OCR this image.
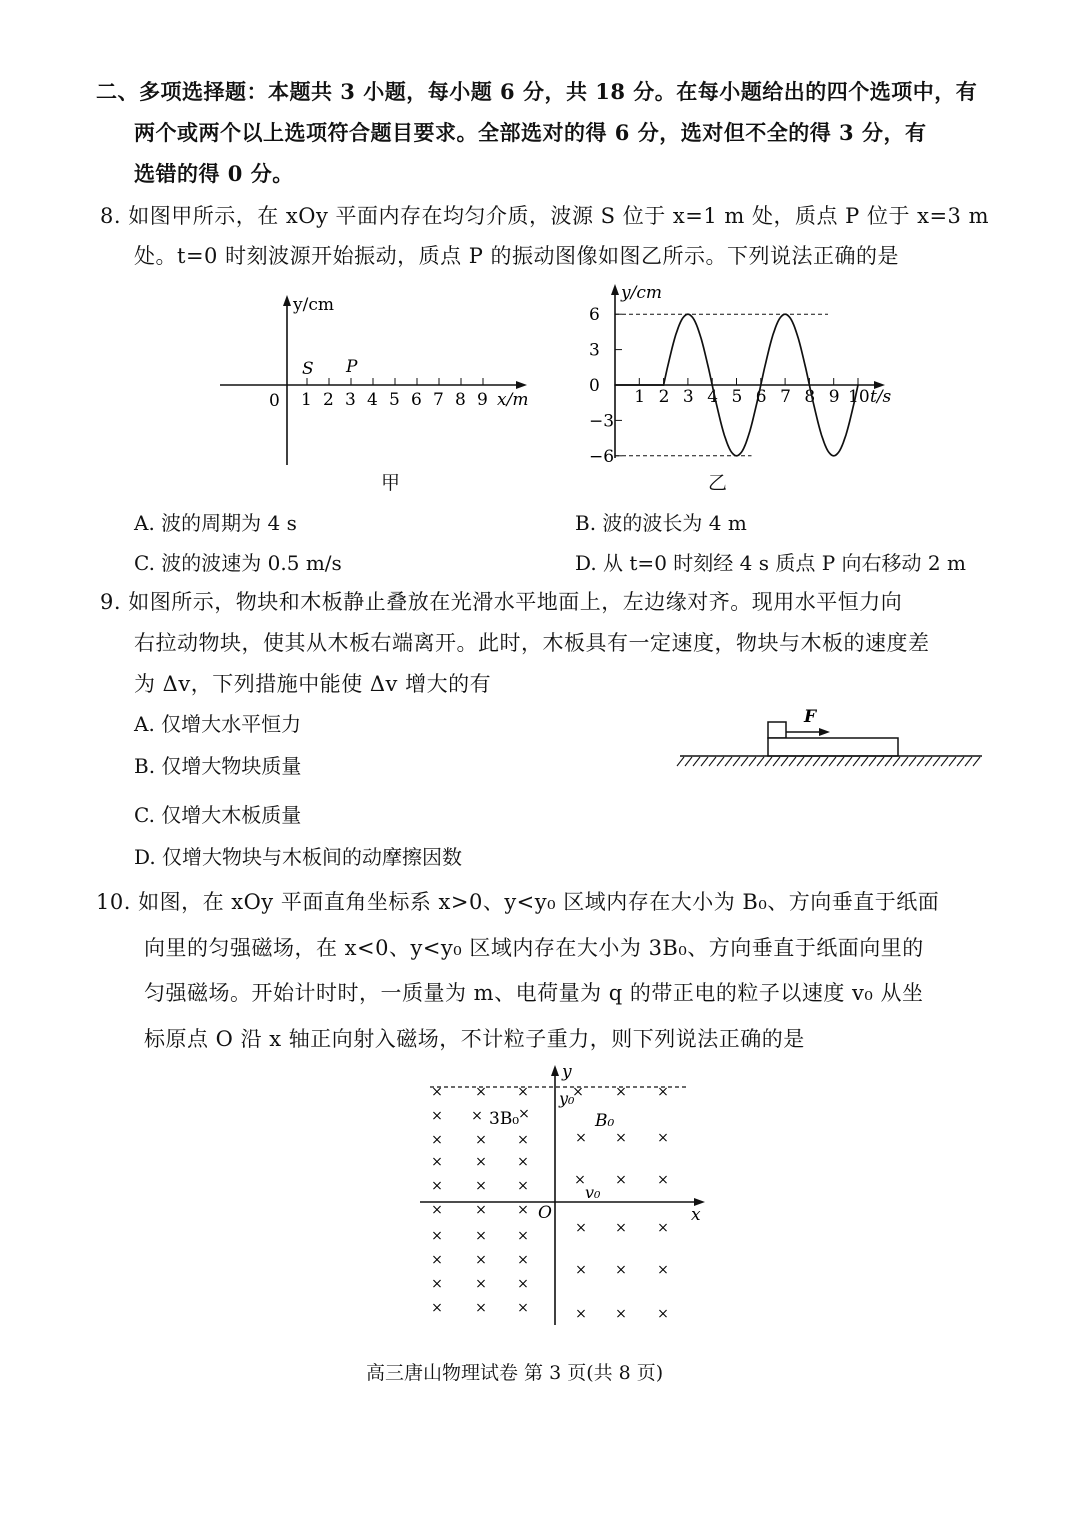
二、多项选择题：本题共 3 小题，每小题 6 分，共 18 分。在每小题给出的四个选项中，有
两个或两个以上选项符合题目要求。全部选对的得 6 分，选对但不全的得 3 分，有
选错的得 0 分。
8. 如图甲所示，在 xOy 平面内存在均匀介质，波源 S 位于 x=1 m 处，质点 P 位于 x=3 m
处。t=0 时刻波源开始振动，质点 P 的振动图像如图乙所示。下列说法正确的是
y/cm
0 1 2 3 4 5 6 7 8 9 x/m
S P
甲
y/cm
t/s
6
3
0
−3
−6
1 2 3 4 5 6 7 8 9 10
乙
A. 波的周期为 4 s	B. 波的波长为 4 m
C. 波的波速为 0.5 m/s	D. 从 t=0 时刻经 4 s 质点 P 向右移动 2 m
9. 如图所示，物块和木板静止叠放在光滑水平地面上，左边缘对齐。现用水平恒力向
右拉动物块，使其从木板右端离开。此时，木板具有一定速度，物块与木板的速度差
为 Δv，下列措施中能使 Δv 增大的有
A. 仅增大水平恒力
B. 仅增大物块质量
C. 仅增大木板质量
D. 仅增大物块与木板间的动摩擦因数
F
10. 如图，在 xOy 平面直角坐标系 x>0、y<y₀ 区域内存在大小为 B₀、方向垂直于纸面
向里的匀强磁场，在 x<0、y<y₀ 区域内存在大小为 3B₀、方向垂直于纸面向里的
匀强磁场。开始计时时，一质量为 m、电荷量为 q 的带正电的粒子以速度 v₀ 从坐
标原点 O 沿 x 轴正向射入磁场，不计粒子重力，则下列说法正确的是
y
x
O
y₀
3B₀	B₀
v₀
× × ×
×
× × ×
× × ×
× × ×
× × ×
× × ×
× × ×
× × ×
× × ×
×	×
× ×
× × ×
× ×
× × ×
× × ×
× × ×
×
×
高三唐山物理试卷 第 3 页(共 8 页)
